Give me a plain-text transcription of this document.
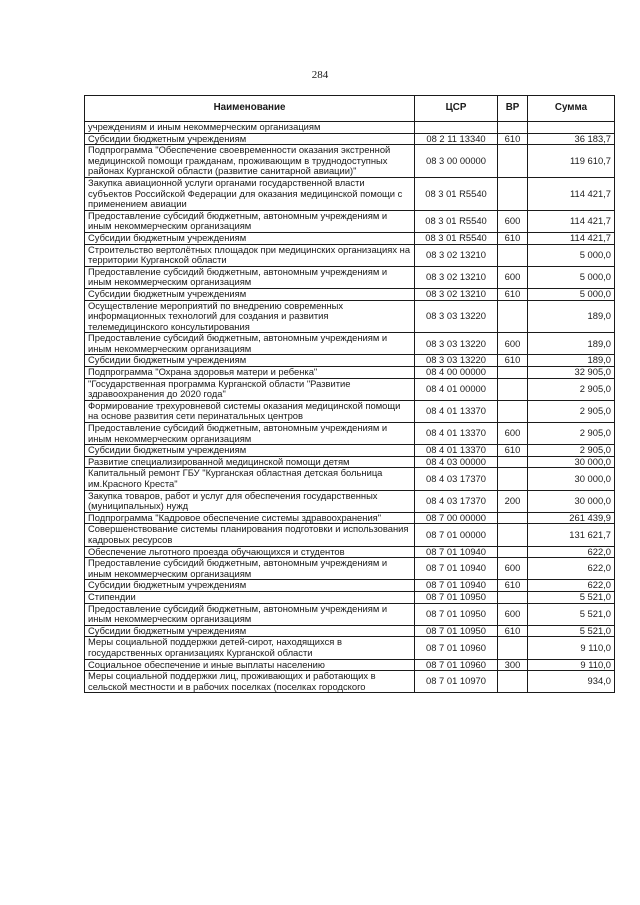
284
Наименование	ЦСР	ВР	Сумма
учреждениям и иным некоммерческим организациям			
Субсидии бюджетным учреждениям	08 2 11 13340	610	36 183,7
Подпрограмма "Обеспечение своевременности оказания экстренной медицинской помощи гражданам, проживающим в труднодоступных районах Курганской области (развитие санитарной авиации)"	08 3 00 00000		119 610,7
Закупка авиационной услуги органами государственной власти субъектов Российской Федерации для оказания медицинской помощи с применением авиации	08 3 01 R5540		114 421,7
Предоставление субсидий бюджетным, автономным учреждениям и иным некоммерческим организациям	08 3 01 R5540	600	114 421,7
Субсидии бюджетным учреждениям	08 3 01 R5540	610	114 421,7
Строительство вертолётных площадок при медицинских организациях на территории Курганской области	08 3 02 13210		5 000,0
Предоставление субсидий бюджетным, автономным учреждениям и иным некоммерческим организациям	08 3 02 13210	600	5 000,0
Субсидии бюджетным учреждениям	08 3 02 13210	610	5 000,0
Осуществление мероприятий по внедрению современных информационных технологий для создания и развития телемедицинского консультирования	08 3 03 13220		189,0
Предоставление субсидий бюджетным, автономным учреждениям и иным некоммерческим организациям	08 3 03 13220	600	189,0
Субсидии бюджетным учреждениям	08 3 03 13220	610	189,0
Подпрограмма "Охрана здоровья матери и ребенка"	08 4 00 00000		32 905,0
"Государственная программа Курганской области "Развитие здравоохранения до 2020 года"	08 4 01 00000		2 905,0
Формирование трехуровневой системы оказания медицинской помощи на основе развития сети перинатальных центров	08 4 01 13370		2 905,0
Предоставление субсидий бюджетным, автономным учреждениям и иным некоммерческим организациям	08 4 01 13370	600	2 905,0
Субсидии бюджетным учреждениям	08 4 01 13370	610	2 905,0
Развитие специализированной медицинской помощи детям	08 4 03 00000		30 000,0
Капитальный ремонт ГБУ "Курганская областная детская больница им.Красного Креста"	08 4 03 17370		30 000,0
Закупка товаров, работ и услуг для обеспечения государственных (муниципальных) нужд	08 4 03 17370	200	30 000,0
Подпрограмма "Кадровое обеспечение системы здравоохранения"	08 7 00 00000		261 439,9
Совершенствование системы планирования подготовки и использования кадровых ресурсов	08 7 01 00000		131 621,7
Обеспечение льготного проезда обучающихся и студентов	08 7 01 10940		622,0
Предоставление субсидий бюджетным, автономным учреждениям и иным некоммерческим организациям	08 7 01 10940	600	622,0
Субсидии бюджетным учреждениям	08 7 01 10940	610	622,0
Стипендии	08 7 01 10950		5 521,0
Предоставление субсидий бюджетным, автономным учреждениям и иным некоммерческим организациям	08 7 01 10950	600	5 521,0
Субсидии бюджетным учреждениям	08 7 01 10950	610	5 521,0
Меры социальной поддержки детей-сирот, находящихся в государственных организациях Курганской области	08 7 01 10960		9 110,0
Социальное обеспечение и иные выплаты населению	08 7 01 10960	300	9 110,0
Меры социальной поддержки лиц, проживающих и работающих в сельской местности и в рабочих поселках (поселках городского	08 7 01 10970		934,0
